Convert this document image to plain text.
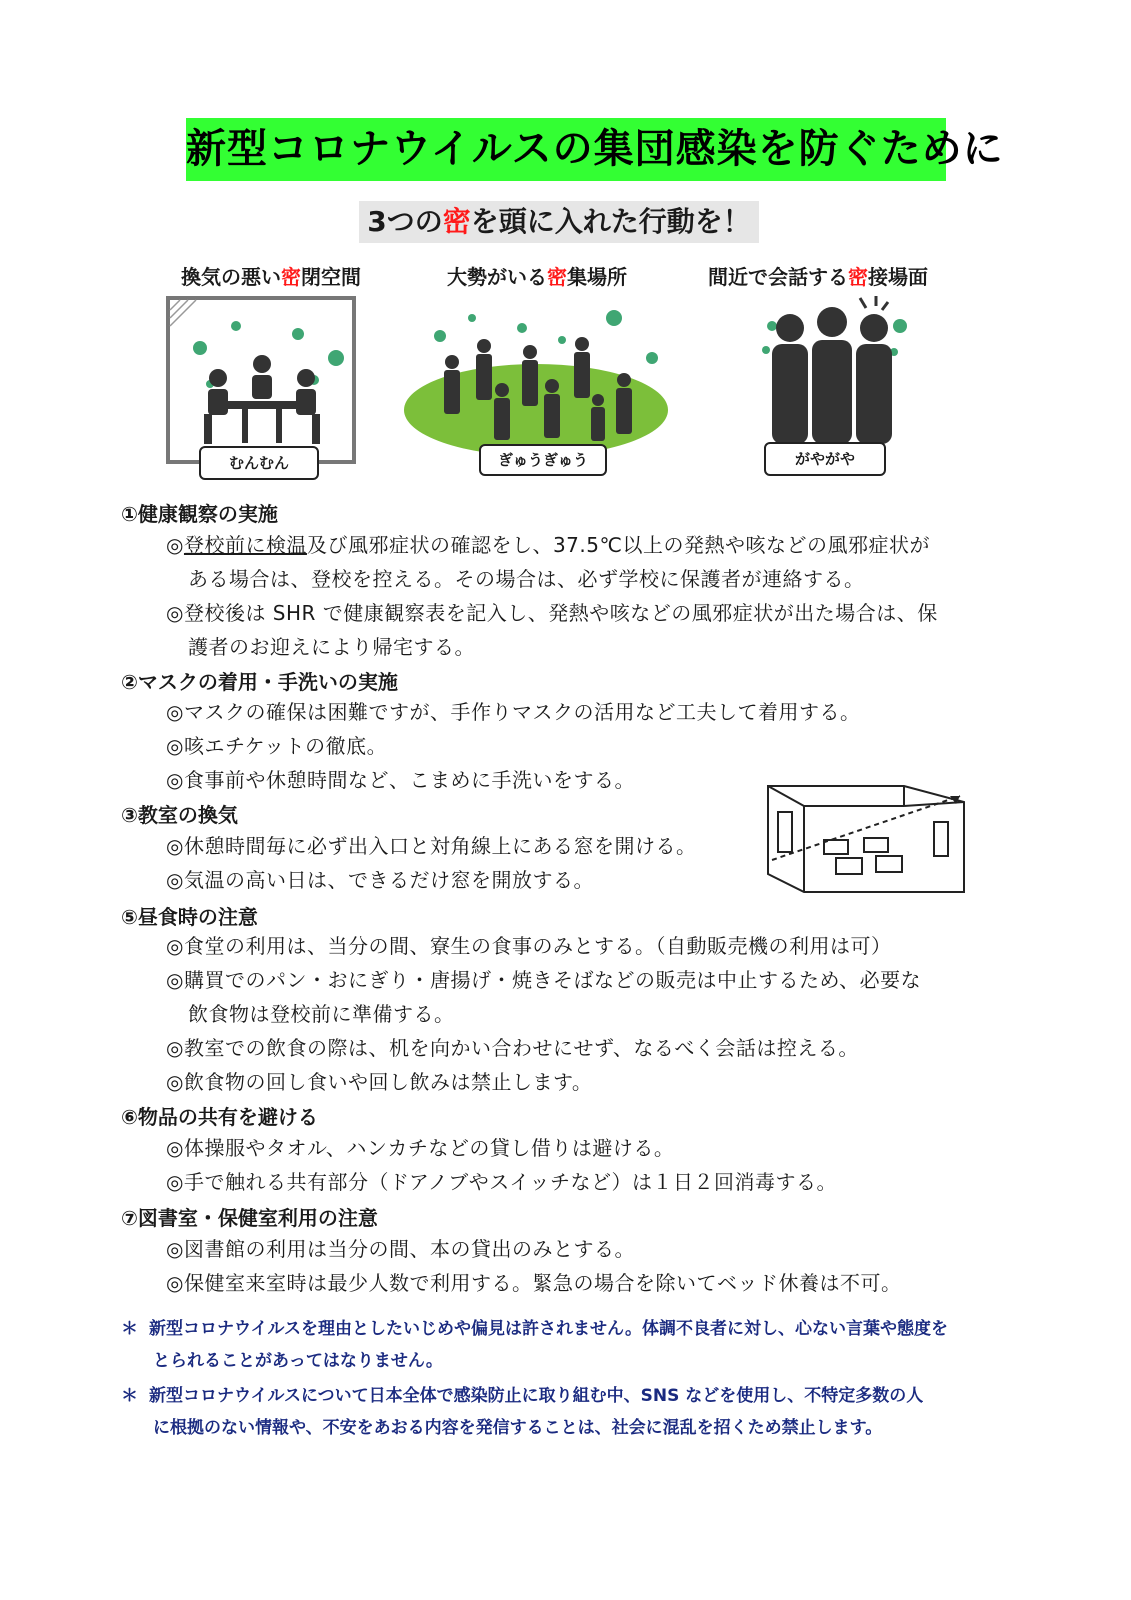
新型コロナウイルスの集団感染を防ぐために
3つの密を頭に入れた行動を！
換気の悪い密閉空間	大勢がいる密集場所	間近で会話する密接場面
むんむん	ぎゅうぎゅう	がやがや
①健康観察の実施
◎登校前に検温及び風邪症状の確認をし、37.5℃以上の発熱や咳などの風邪症状が
ある場合は、登校を控える。その場合は、必ず学校に保護者が連絡する。
◎登校後は SHR で健康観察表を記入し、発熱や咳などの風邪症状が出た場合は、保
護者のお迎えにより帰宅する。
②マスクの着用・手洗いの実施
◎マスクの確保は困難ですが、手作りマスクの活用など工夫して着用する。
◎咳エチケットの徹底。
◎食事前や休憩時間など、こまめに手洗いをする。
③教室の換気
◎休憩時間毎に必ず出入口と対角線上にある窓を開ける。
◎気温の高い日は、できるだけ窓を開放する。
⑤昼食時の注意
◎食堂の利用は、当分の間、寮生の食事のみとする。（自動販売機の利用は可）
◎購買でのパン・おにぎり・唐揚げ・焼きそばなどの販売は中止するため、必要な
飲食物は登校前に準備する。
◎教室での飲食の際は、机を向かい合わせにせず、なるべく会話は控える。
◎飲食物の回し食いや回し飲みは禁止します。
⑥物品の共有を避ける
◎体操服やタオル、ハンカチなどの貸し借りは避ける。
◎手で触れる共有部分（ドアノブやスイッチなど）は１日２回消毒する。
⑦図書室・保健室利用の注意
◎図書館の利用は当分の間、本の貸出のみとする。
◎保健室来室時は最少人数で利用する。緊急の場合を除いてベッド休養は不可。
＊ 新型コロナウイルスを理由としたいじめや偏見は許されません。体調不良者に対し、心ない言葉や態度を
とられることがあってはなりません。
＊ 新型コロナウイルスについて日本全体で感染防止に取り組む中、SNS などを使用し、不特定多数の人
に根拠のない情報や、不安をあおる内容を発信することは、社会に混乱を招くため禁止します。
